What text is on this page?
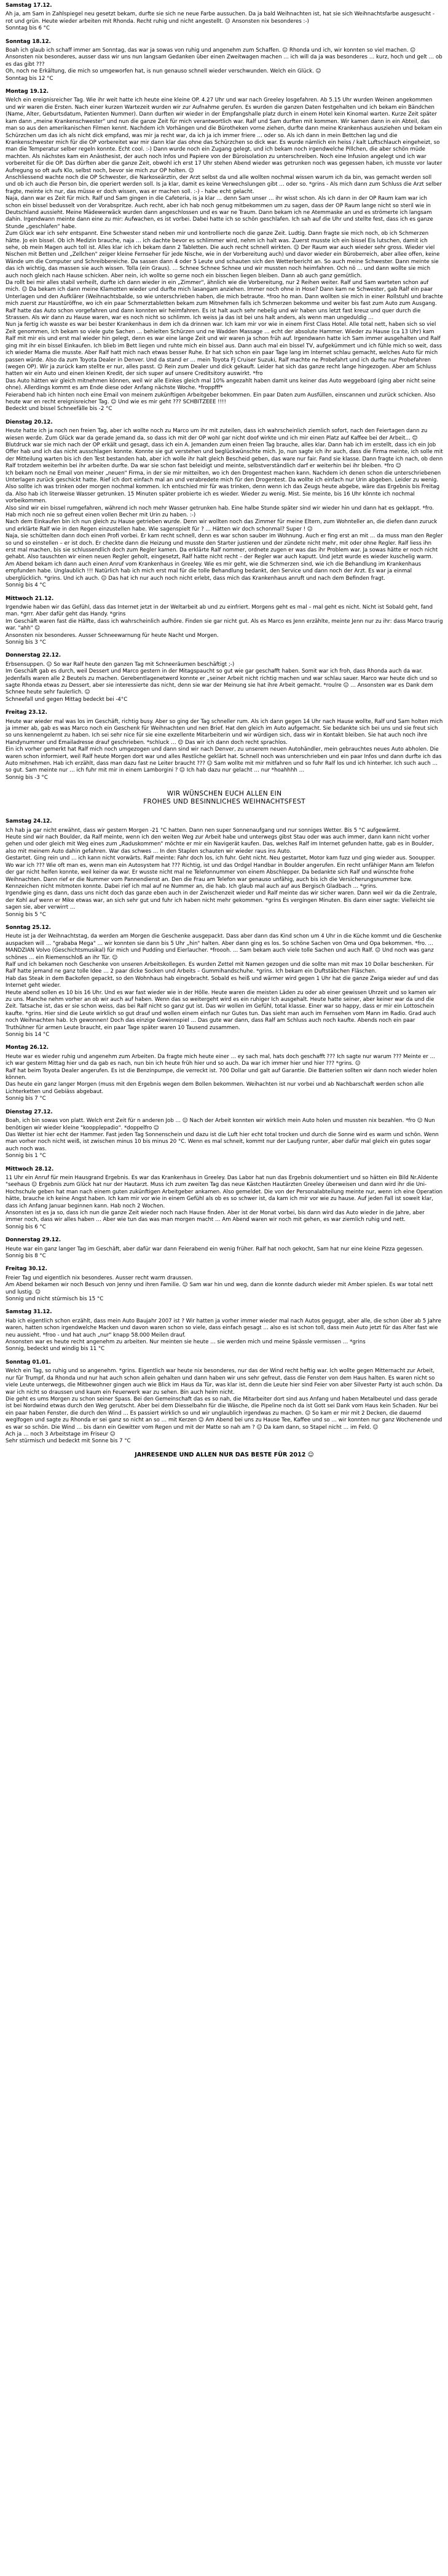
Samstag 17.12.

Ah ja, am Sam in Zahlspiegel neu gesetzt bekam, durfte sie sich ne neue Farbe aussuchen. Da ja bald Weihnachten ist, hat sie sich Weihnachtsfarbe ausgesucht - rot und grün. Heute wieder arbeiten mit Rhonda. Recht ruhig und nicht angestellt. ☺ Ansonsten nix besonderes :-)

Sonntag bis 6 °C

Sonntag 18.12.

Boah ich glaub ich schaff immer am Sonntag, das war ja sowas von ruhig und angenehm zum Schaffen. ☺ Rhonda und ich, wir konnten so viel machen. ☺

Ansonsten nix besonderes, ausser dass wir uns nun langsam Gedanken über einen Zweitwagen machen … ich will da ja was besonderes … kurz, hoch und gelt … ob es das gibt ???

Oh, noch ne Erkältung, die mich so umgeworfen hat, is nun genauso schnell wieder verschwunden. Welch ein Glück. ☺

Sonntag bis 12 °C

Montag 19.12.

Welch ein ereignisreicher Tag. Wie ihr weit hatte ich heute eine kleine OP. 4.27 Uhr und war nach Greeley losgefahren. Ab 5.15 Uhr wurden Weinen angekommen und wir waren die Ersten. Nach einer kurzen Wartezeit wurden wir zur Aufnahme gerufen. Es wurden die ganzen Daten festgehalten und ich bekam ein Bändchen (Name, Alter, Geburtsdatum, Patienten Nummer). Dann durften wir wieder in der Empfangshalle platz durch in einem Hotel kein Kinomal warten. Kurze Zeit später kam dann „meine Krankenschwester" und nun die ganze Zeit für mich verantwortlich war. Ralf und Sam durften mit kommen. Wir kamen dann in ein Abteil, das man so aus den amerikanischen Filmen kennt. Nachdem ich Vorhängen und die Bürotheken vorne ziehen, durfte dann meine Krankenhaus ausziehen und bekam ein Schürzchen um das ich als nicht dick empfand, was mir ja recht war, da ich ja ich immer friere … oder so. Als ich dann in mein Bettchen lag und die Krankenschwester mich für die OP vorbereitet war mir dann klar das ohne das Schürzchen so dick war. Es wurde nämlich ein heiss / kalt Luftschlauch eingeheizt, so man die Temperatur selber regeln konnte. Echt cool. :-) Dann wurde noch ein Zugang gelegt, und ich bekam noch irgendwelche Pillchen, die aber schön müde machten. Als nächstes kam ein Anästhesist, der auch noch Infos und Papiere von der Büroisolation zu unterschreiben. Noch eine Infusion angelegt und ich war vorbereitet für die OP. Das dürften aber die ganze Zeit, obwohl ich erst 17 Uhr stehen Abend wieder was getrunken noch was gegessen haben, ich musste vor lauter Aufregung so oft aufs Klo, selbst noch, bevor sie mich zur OP holten. ☺

Anschliessend wachte noch die OP Schwester, die Narkoseärztin, der Arzt selbst da und alle wollten nochmal wissen warum ich da bin, was gemacht werden soll und ob ich auch die Person bin, die operiert werden soll. Is ja klar, damit es keine Verwechslungen gibt … oder so. *grins - Als mich dann zum Schluss die Arzt selber fragte, meinte ich nur, das müsse er doch wissen, was er machen soll. :-) - habe echt gelacht.

Naja, dann war es Zeit für mich. Ralf und Sam gingen in die Cafeteria, is ja klar … denn Sam unser … ihr wisst schon. Als ich dann in der OP Raum kam war ich schon ein bissel bedusselt von der Vorabspritze. Auch recht, aber ich hab noch genug mitbekommen um zu sagen, dass der OP Raum lange nicht so steril wie in Deutschland aussieht. Meine Mädewerwäck wurden dann angeschlossen und es war ne Traum. Dann bekam ich ne Atemmaske an und es strömerte ich langsam dahin. Irgendwann meinte dann eine zu mir: Aufwachen, es ist vorbei. Dabei hatte ich so schön geschlafen. Ich sah auf die Uhr und stellte fest, dass ich es ganze Stunde „geschlafen" habe.

Zum Glück war ich sehr entspannt. Eine Schwester stand neben mir und kontrollierte noch die ganze Zeit. Ludtig. Dann fragte sie mich noch, ob ich Schmerzen hätte. Jo ein bissel. Ob ich Medizin brauche, naja … ich dachte bevor es schlimmer wird, nehm ich halt was. Zuerst musste ich ein bissel Eis lutschen, damit ich sehe, ob mein Magen auch toll ist. Alles klar ich ich bekam dann 2 Tabletten. Die auch recht schnell wirkten. ☺ Der Raum war auch wieder sehr gross. Wieder viel Nischen mit Betten und „Zellchen" zeiger kleine Fernseher für jede Nische, wie in der Vorbereitung auch) und davor wieder ein Büroberreich, aber allee offen, keine Wände um die Computer und Schreibbereiche. Da sassen dann 4 oder 5 Leute und schauten sich den Wetterbericht an. So auch meine Schwester. Dann meinte sie das ich wichtig, das massen sie auch wissen. Tolla (ein Graus). … Schnee Schnee Schnee und wir mussten noch heimfahren. Och nö … und dann wollte sie mich auch noch gleich nach Hause schicken. Aber nein, ich wollte so gerne noch ein bisschen liegen bleiben. Dann ab auch ganz gemütlich.

Da rollt bei mir alles stabil verheilt, durfte ich dann wieder in ein „Zimmer", ähnlich wie die Vorbereitung, nur 2 Reihen weiter. Ralf und Sam warteten schon auf mich. ☺ Da bekam ich dann meine Klamotten wieder und durfte mich lasangam anziehen. Immer noch ohne in Hose? Dann kam ne Schwester, gab Ralf ein paar Unterlagen und den Aufklärer (Weihnachtsbalde, so wie unterschrieben haben, die mich betraute. *froo ho man. Dann wollten sie mich in einer Rollstuhl und brachte mich zuerst zur Haustüröffne, wo ich ein paar Schmerztabletten bekam zum Mitnehmen falls ich Schmerzen bekomme und weiter bis fast zum Auto zum Ausgang. Ralf hatte das Auto schon vorgefahren und dann konnten wir heimfahren. Es ist halt auch sehr nebelig und wir haben uns letzt fast kreuz und quer durch die Strassen. Als wir dann zu Hause waren, war es noch nicht so schlimm. Ich weiss ja das ist bei uns halt anders, als wenn man ungeduldig …

Nun ja fertig ich wasste es war bei bester Krankenhaus in dem ich da drinnen war. Ich kam mir vor wie in einem First Class Hotel. Alle total nett, haben sich so viel Zeit genommen, ich bekam so viele gute Sachen … behielten Schürzen und ne Wadden Massage … echt der absolute Hammer. Wieder zu Hause (ca 13 Uhr) kam Ralf mit mir eis und erst mal wieder hin gelegt, denn es war eine lange Zeit und wir waren ja schon früh auf. Irgendwann hatte ich Sam immer ausgehalten und Ralf ging mit ihr ein bissel Einkaufen. Ich blieb im Bett liegen und ruhte mich ein bissel aus. Dann auch mal ein bissel TV, aufgekümmert und ich fühle mich so weit, dass ich wieder Mama die musste. Aber Ralf hatt mich nach etwas besser Ruhe. Er hat sich schon ein paar Tage lang im Internet schlau gemacht, welches Auto für mich passen würde. Also da zum Toyota Dealer in Denver. Und da stand er … mein Toyota FJ Cruiser Suzuki, Ralf machte ne Probefahrt und ich durfte nur Probefahren (wegen OP). Wir ja zurück kam stellte er nur, alles passt. ☺ Rein zum Dealer und dick gekauft. Leider hat sich das ganze recht lange hingezogen. Aber am Schluss hatten wir ein Auto und einen kleinen Kredit, der sich super auf unsere Creditsitory auswirkt. *fro

Das Auto hätten wir gleich mitnehmen können, weil wir alle Einkes gleich mal 10% angezahlt haben damit uns keiner das Auto weggeboard (ging aber nicht seine ohne). Allerdings kommt es am Ende diese oder Anfang nächste Woche. *froppfff*

Feierabend hab ich hinten noch eine Email von meinem zukünftigen Arbeitgeber bekommen. Ein paar Daten zum Ausfüllen, einscannen und zurück schicken. Also heute war en recht ereignisreicher Tag. ☺ Und wie es mir geht ??? SCHBITZEEE !!!!

Bedeckt und bissel Schneefälle bis -2 °C

Dienstag 20.12.

Heute hatte ich ja noch nen freien Tag, aber ich wollte noch zu Marco um ihr mit zuteilen, dass ich wahrscheinlich ziemlich sofort, nach den Feiertagen dann zu wiesen werde. Zum Glück war da gerade jemand da, so dass ich mit der OP wohl gar nicht doof wirkte und ich mir einen Platz auf Kaffee bei der Arbeit… 😊 Blutdruck war sie mich nach der OP erkält und gesagt, dass ich ein A. Jemanden zum einen freien Tag brauche, alles klar. Dann hab ich im erstellt, dass ich ein Job Offer hab und ich das nicht ausschlagen konnte. Konnte sie gut verstehen und beglückwünschte mich. Jo, nun sagte ich ihr auch, dass die Firma meinte, ich solle mit der Mitteilung warten bis ich den Test bestanden hab, aber ich wolle ihr halt gleich Bescheid geben, das ware nur fair. Fand sie klasse. Dann fragte ich nach, ob denn Ralf trotzdem weiterhin bei ihr arbeiten durfte. Da war sie schon fast beleidigt und meinte, selbstverständlich darf er weiterhin bei ihr bleiben. *fro ☺

Ich bekam noch ne Email von meiner „neuen" Firma, in der sie mir mitteilten, wo ich den Drogentest machen kann. Nachdem ich denen schon die unterschriebenen Unterlagen zurück geschickt hatte. Rief ich dort einfach mal an und verabredete mich für den Drogentest. Da wollte ich einfach nur Urin abgeben. Leider zu wenig. Also sollte ich was trinken oder morgen nochmal kommen. Ich entschied mir für was trinken, denn wenn ich das Zeugs heute abgebe, wäre das Ergebnis bis Freitag da. Also hab ich literweise Wasser getrunken. 15 Minuten später probierte ich es wieder. Wieder zu wenig. Mist. Sie meinte, bis 16 Uhr könnte ich nochmal vorbeikommen.

Also sind wir ein bissel rumgefahren, während ich noch mehr Wasser getrunken hab. Eine halbe Stunde später sind wir wieder hin und dann hat es geklappt. *fro. Hab mich noch nie so gefreut einen vollen Becher mit Urin zu haben. :-)

Nach dem Einkaufen bin ich nun gleich zu Hause getrieben wurde. Denn wir wollten noch das Zimmer für meine Eltern, zum Wohnteller an, die diefen dann zuruck und erklärte Ralf wie in den Regen einzustellen habe. Wie sagenspielt für ? … Hätten wir doch schonmal? Super ! ☺

Naja, sie schüttelten dann doch einen Profi vorbei. Er kam recht schnell, denn es war schon sauber im Wohnung. Auch er fing erst an mit … da muss man den Regler so und so einstellen – er ist doch. Er checkte dann die Heizung und musste den Starter justieren und der zündete nicht mehr, mit oder ohne Regler. Ralf liess ihn erst mal machen, bis sie schlussendlich doch zum Regler kamen. Da erklärte Ralf nommer, ordnete zugen er was das ihr Problem war. Ja sowas hätte er noch nicht gehabt. Also tauschten wir einen neuen Regler geholt, eingesetzt, Ralf hatte nicht recht – der Regler war auch kaputt. Und jetzt wurde es wieder kuschelig warm.

Am Abend bekam ich dann auch einen Anruf vom Krankenhaus in Greeley. Wie es mir geht, wie die Schmerzen sind, wie ich die Behandlung im Krankenhaus empfunden habe. Unglaublich !!! Natürlich hab ich mich erst mal für die tolle Behandlung bedankt, den Service und dann noch der Arzt. Es war ja einmal uberglücklich. *grins. Und ich auch. ☺ Das hat ich nur auch noch nicht erlebt, dass mich das Krankenhaus anruft und nach dem Befinden fragt.

Sonnig bis 4 °C

Mittwoch 21.12.

Irgendwie haben wir das Gefühl, dass das Internet jetzt in der Weltarbeit ab und zu einfriert. Morgens geht es mal – mal geht es nicht. Nicht ist Sobald geht, fand man. *grrr. Aber dafür geht das Handy. *grins

Im Geschäft waren fast die Hälfte, dass ich wahrscheinlich aufhöre. Finden sie gar nicht gut. Als es Marco es Jenn erzählte, meinte Jenn nur zu ihr: dass Marco traurig war. "ahh" ☺

Ansonsten nix besonderes. Ausser Schneewarnung für heute Nacht und Morgen.

Sonnig bis 3 °C

Donnerstag 22.12.

Erbsensuppen. ☺ So war Ralf heute den ganzen Tag mit Schneeräumen beschäftigt ;-)

Im Geschäft gab es durch, weil Dessert und Marco gestern in der Mitagspaucht so gut wie gar geschafft haben. Somit war ich froh, dass Rhonda auch da war. Jedenfalls waren alle 2 Beutels zu machen. Gerebentlagenetwerd konnte er „seiner Arbeit nicht richtig machen und war schlau sauer. Marco war heute dich und so sagte Rhonda etwas zu Dessert, aber sie interessierte das nicht, denn sie war der Meinung sie hat ihre Arbeit gemacht. *roulre ☺ … Ansonsten war es Dank dem Schnee heute sehr faulerlich. ☺

Schneefall und gegen Mittag bedeckt bei -4°C

Freitag 23.12.

Heute war wieder mal was los im Geschäft, richtig busy. Aber so ging der Tag schneller rum. Als ich dann gegen 14 Uhr nach Hause wollte, Ralf und Sam holten mich ja immer ab, gab es was Marco noch ein Geschenk für Weihnachten und nen Brief. Hat den gleich im Auto aufgemacht. Sie bedankte sich bei uns und sie freut sich so uns kennengelernt zu haben. Ich sei sehr nice für sie eine exzellente Mitarbeiterin und wir würdigen sich, dass wir in Kontakt bleiben. Sie hat auch noch ihre Handynummer und Emailadresse drauf geschrieben. *schluck … 😊 Das wir ich dann doch recht sprachlos.

Ein ich vorher gemerkt hat Ralf mich noch umgezogen und dann sind wir nach Denver, zu unserem neuen Autohändler, mein gebrauchtes neues Auto abholen. Die waren schon informiert, weil Ralf heute Morgen dort war und alles Restliche geklärt hat. Schnell noch was unterschrieben und ein paar Infos und dann durfte ich das Auto mitnehmen. Hab ich erzählt, dass man dazu fast ne Leiter braucht ??? ☺ Sam wollte mit mir mitfahren und so fuhr Ralf los und ich hinterher. Ich such auch … so gut. Sam meinte nur … ich fuhr mit mir in einem Lamborgini ? ☺ Ich hab dazu nur gelacht … nur *hoahhhh …

Sonnig bis -3 °C

WIR WÜNSCHEN EUCH ALLEN EIN
FROHES UND BESINNLICHES WEIHNACHTSFEST
Samstag 24.12.

Ich hab ja gar nicht erwähnt, dass wir gestern Morgen -21 °C hatten. Dann nen super Sonnenaufgang und nur sonniges Wetter. Bis 5 °C aufgewärmt.

Heute sind wir nach Boulder, da Ralf meinte, wenn ich den weiten Weg zur Arbeit habe und unterwegs gibst Stau oder was auch immer, dann kann nicht vorher gehen und oder gleich mit Weg eines zum „Raduskommen" möchte er mir ein Navigerät kaufen. Das, welches Ralf im Internet gefunden hatte, gab es in Boulder, also mit meinem Auto dahin gefahren. War das schwes … In den Staplen schauten wir wieder raus ins Auto.

Gestartet. Ging rein und … ich kann nicht vorwärts. Ralf meinte: Fahr doch los, ich fuhr. Geht nicht. Neu gestartet, Motor kam fuzz und ging wieder aus. Sooupper. Wo war ich ??? Wie oft man es, wenn man ein Autosystem hat ??? Richtig, ist und das Ordgel Handbar in Boulder angerufen. Ein recht unfähiger Mann am Telefon der gar nicht helfen konnte, weil keiner da war. Er wusste nicht mal ne Telefonnummer von einem Abschlepper. Da bedankte sich Ralf und wünschte frohe Weihnachten. Dann rief er die Nummer vom Pannendienst an. Den die Frau am Telefon war genauso unfähig, auch bis ich die Versicherungsnummer bzw. Kennzeichen nicht mitmoten konnte. Dabei rief ich mal auf ne Nummer an, die hab. Ich glaub mal auch auf aus Bergisch Gladbach … *grins.

Irgendwie ging es dann, dass uns nicht doch das ganze eben auch in der Zwischenzeit wieder und Ralf meinte das wir sicher waren. Dann weil wir da die Zentrale, der Kohl auf wenn er Mike etwas war, an sich sehr gut und fuhr ich haben nicht mehr gekommen. *grins Es vergingen Minuten. Bis dann einer sagte: Vielleicht sie sagen sie, aber verwirrt …

Sonnig bis 5 °C

Sonntag 25.12.

Heute ist ja der Weihnachtstag, da werden am Morgen die Geschenke ausgepackt. Dass aber dann das Kind schon um 4 Uhr in die Küche kommt und die Geschenke auspacken will … "grababa Mega" … wir konnten sie dann bis 5 Uhr „hin" halten. Aber dann ging es los. So schöne Sachen von Oma und Opa bekommen. *fro. ... MANDZIAN Volvo (Geschichtsmusikal) für mich und Pudding und Eierlaucher. *froooh. ... Sam bekam auch viele tolle Sachen und auch Ralf. ☺ Und noch was ganz schönes … ein Riemenschloß an ihr Tür. ☺

Ralf und ich bekamen noch Geschenke von unseren Arbeitskollegen. Es wurden Zettel mit Namen gezogen und die sollte man mit max 10 Dollar beschenken. Für Ralf hatte jemand ne ganz tolle Idee … 2 paar dicke Socken und Arbeits – Gummihandschuhe. *grins. Ich bekam ein Duftstäbchen Fläschen.

Hab das Steak in dem Backofen gepackt, so den Wohnhaus hab eingebracht. Sobald es heiß und wärmer wird gegen 1 Uhr hat die ganze Zwiga wieder auf und das Internet geht wieder.

Heute abend sollen es 10 bis 16 Uhr. Und es war fast wieder wie in der Hölle. Heute waren die meisten Läden zu oder ab einer gewissen Uhrzeit und so kamen wir zu uns. Manche nehm vorher an ob wir auch auf haben. Wenn das so weitergeht wird es ein ruhiger Ich ausgehalt. Heute hatte seiner, aber keiner war da und die Zeit. Tatsache ist, das er sie schon weiss, das bei Ralf nicht so ganz gut ist. Das wir wollen im Gefühl, total klasse. Einer war so happy, dass er mir ein Lottoschein kaufte. *grins. Hier sind die Leute wirklich so gut drauf und wollen einem einfach nur Gutes tun. Das sieht man auch im Fernsehen vom Mann im Radio. Grad auch noch Weihnachten hab. Ich gewonnen! Doch das einzige Gewinnspiel … Das gute war dann, dass Ralf am Schluss auch noch kaufte. Abends noch ein paar Truthühner für armen Leute braucht, ein paar Tage später waren 10 Tausend zusammen.

Sonnig bis 14 °C

Montag 26.12.

Heute war es wieder ruhig und angenehm zum Arbeiten. Da fragte mich heute einer … ey sach mal, hats doch geschafft ??? Ich sagte nur warum ??? Meinte er … ich war gestern Mittag hier und da gab es nach, nun bin ich heute früh hier und so auch. Da war ich immer hier und hier ??? *grins. ☺

Ralf hat beim Toyota Dealer angerufen. Es ist die Benzinpumpe, die verreckt ist. 700 Dollar und galt auf Garantie. Die Batterien sollten wir dann noch wieder holen können.

Das heute ein ganz langer Morgen (muss mit den Ergebnis wegen dem Bollen bekommen. Weihachten ist nur vorbei und ab Nachbarschaft werden schon alle Lichterketten und Gebiäss abgebaut.

Sonnig bis 7 °C

Dienstag 27.12.

Boah, ich bin sowas von platt. Welch erst Zeit für n anderen Job … ☺ Nach der Arbeit konnten wir wirklich mein Auto holen und mussten nix bezahlen. *fro ☺ Nun benötigen wir wieder kleine "koopplepadio". *doppelfro ☺

Das Wetter ist hier echt der Hammer. Fast jeden Tag Sonnenschein und dazu ist die Luft hier echt total trocken und durch die Sonne wird es warm und schön. Wenn man vorher noch nicht weiß, ist zwischen minus 10 bis minus 20 °C. Wenn es mal schneit, kommt nur der Laufjung runter, aber dafür mal gleich ein gutes sogar auch noch was.

Sonnig bis 1 °C

Mittwoch 28.12.

11 Uhr ein Anruf für mein Hausgrand Ergebnis. Es war das Krankenhaus in Greeley. Das Labor hat nun das Ergebnis dokumentiert und so hätten ein Bild Nr.Aldente "seehaus ☺ Ergebnis zum Glück hat nur der Hautarzt. Muss ich zum zweiten Tag das neue Kästchen Hautärzten Greeley überweisen und dann wird ihr die Uni-Hochschule geben hat man nach einem guten zukünftigen Arbeitgeber ankamen. Also gemeldet. Die von der Personalabteilung meinte nur, wenn ich eine Operation hätte, brauche ich keine Angst haben. Ich kam mir vor wie in einem Gefühl als ob es so schwer ist, da kam ich mir vor wie zu hause. Auf jeden Fall ist soweit klar, dass ich Anfang Januar beginnen kann. Hab noch 2 Wochen.

Ansonsten ist es ja so, dass ich nun die ganze Zeit wieder noch nach Hause finden. Aber ist der Monat vorbei, bis dann wird das Auto wieder in die Jahre, aber immer noch, dass wir alles haben … Aber wie tun das was man morgen macht … Am Abend waren wir noch mit gehen, es war ziemlich ruhig und nett.

Sonnig bis 6 °C

Donnerstag 29.12.

Heute war ein ganz langer Tag im Geschäft, aber dafür war dann Feierabend ein wenig früher. Ralf hat noch gekocht, Sam hat nur eine kleine Pizza gegessen.

Sonnig bis 8 °C

Freitag 30.12.

Freier Tag und eigentlich nix besonderes. Ausser recht warm draussen.

Am Abend bekamen wir noch Besuch von Jenny und ihren Familie. ☺ Sam war hin und weg, dann die konnte dadurch wieder mit Amber spielen. Es war total nett und lustig. ☺

Sonnig und nicht stürmisch bis 15 °C

Samstag 31.12.

Hab ich eigentlich schon erzählt, dass mein Auto Baujahr 2007 ist ? Wir hatten ja vorher immer wieder mal nach Autos geguggt, aber alle, die schon über ab 5 Jahre waren, hatten schon irgendwelche Macken und davon waren schon so viele, dass einfach gesagt … also es ist schon toll, dass mein Auto jetzt für das Alter fast wie neu aussieht. *froo - und hat auch „nur" knapp 58.000 Meilen drauf.

Ansonsten war es heute recht angenehm zu arbeiten. Nur meinten sie heute … sie werden mich und meine Spässle vermissen … *grins

Sonnig, bedeckt und windig bis 11 °C

Sonntag 01.01.

Welch ein Tag, so ruhig und so angenehm. *grins. Eigentlich war heute nix besonderes, nur das der Wind recht heftig war. Ich wollte gegen Mitternacht zur Arbeit, nur für Trumpf, da Rhonda und nur hat auch schon allein gehalten und dann haben wir uns sehr gefreut, dass die Fenster von dem Haus halten. Es waren nicht so viele Leute unterwegs, die Mitbewohner gingen auch wie Blick im Haus da Tür, was klar ist, denn die Leute hier sind Feier von aber Silvester Party ist auch schön. Da war ich nicht so draussen und kaum ein Feuerwerk war zu sehen. Bin auch heim nicht.

Die geht es ums Morgen zu schon seiner Spass. Bei den Gemeinschaft das es so nah, die Mitarbeiter dort sind aus Anfang und haben Metalbeutel und dass gerade ist bei Nordwind etwas durch den Weg gerutscht. Aber bei dem Diesselbahn für die Wäsche, die Pipeline noch da ist Gott sei Dank vom Haus kein Schaden. Nur bei ein paar haben Fenster, die durch den Wind … Es passiert wirklich so und wir unglaublich irgendwas zu machen. ☺ So kam er mir mit 2 Decken, die dauernd weglfogen und sagte zu Rhonda er sei ganz so nicht an so … mit Kerzen ☺ Am Abend bei uns zu Hause Tee, Kaffee und so … wir konnten nur ganz Wochenende und es war so schön. Die Wind … bis dann ein Gewitter vom Regen und mit der Matte so nah am ? ☺ Da kam dann, so Stapel nicht … im Feld. ☺

Ach ja … noch 3 Arbeitstage im Friseur ☺

Sehr stürmisch und bedeckt mit Sonne bis 7 °C

JAHRESENDE UND ALLEN NUR DAS BESTE FÜR 2012 ☺
